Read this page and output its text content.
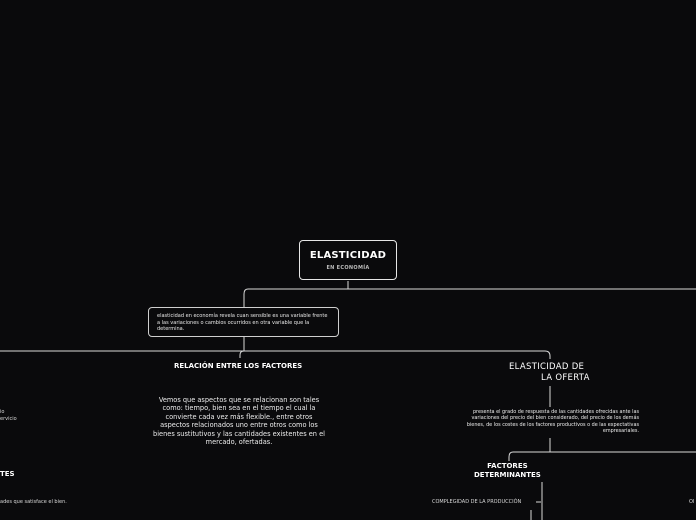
ELASTICIDAD
EN ECONOMÍA
elasticidad en economía revela cuan sensible es una variable frente a las variaciones o cambios ocurridos en otra variable que la determina.
RELACIÓN ENTRE LOS FACTORES
Vemos que aspectos que se relacionan son tales como: tiempo, bien sea en el tiempo el cual la convierte cada vez más flexible., entre otros aspectos relacionados uno entre otros como los bienes sustitutivos y las cantidades existentes en el mercado, ofertadas.
ELASTICIDAD DE
LA OFERTA
presenta el grado de respuesta de las cantidades ofrecidas ante las variaciones del precio del bien considerado, del precio de los demás bienes, de los costes de los factores productivos o de las expectativas empresariales.
FACTORES
DETERMINANTES
COMPLEGIDAD DE LA PRODUCCIÓN
io
ervicio
TES
ades que satisface el bien.	OI
